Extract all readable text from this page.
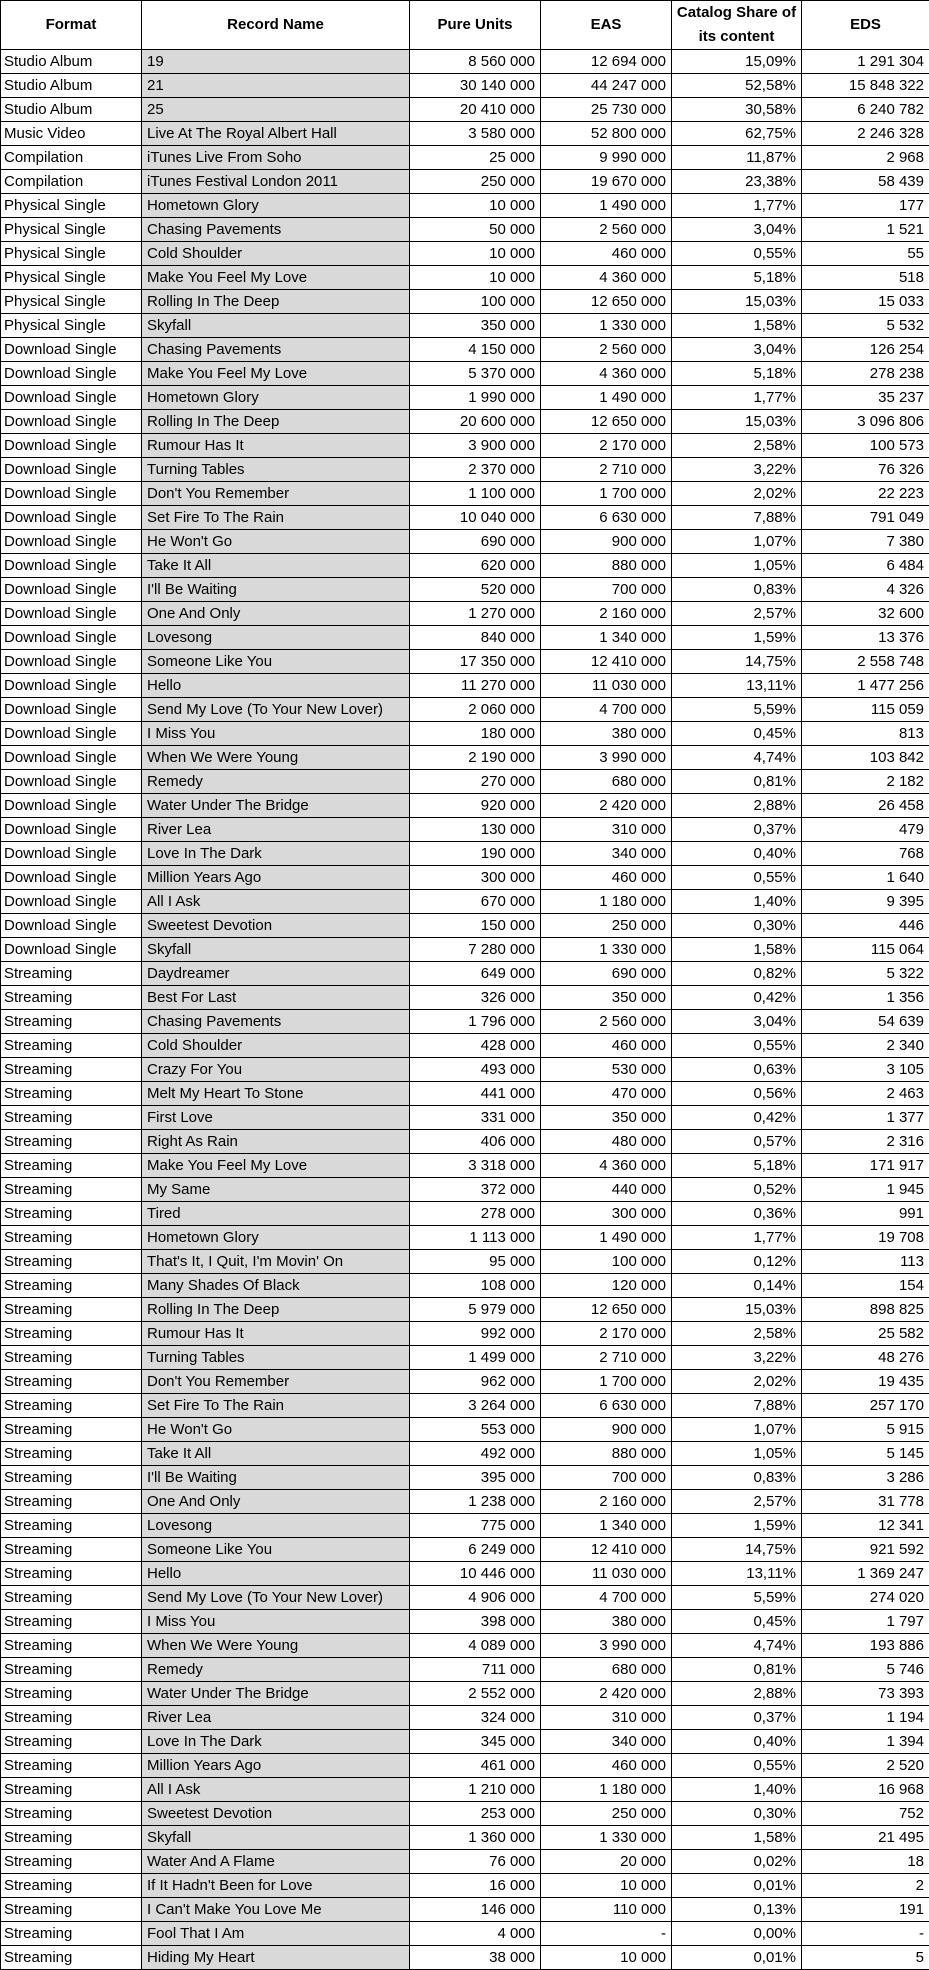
Format	Record Name	Pure Units	EAS	Catalog Share of its content	EDS
Studio Album	19	8 560 000	12 694 000	15,09%	1 291 304
Studio Album	21	30 140 000	44 247 000	52,58%	15 848 322
Studio Album	25	20 410 000	25 730 000	30,58%	6 240 782
Music Video	Live At The Royal Albert Hall	3 580 000	52 800 000	62,75%	2 246 328
Compilation	iTunes Live From Soho	25 000	9 990 000	11,87%	2 968
Compilation	iTunes Festival London 2011	250 000	19 670 000	23,38%	58 439
Physical Single	Hometown Glory	10 000	1 490 000	1,77%	177
Physical Single	Chasing Pavements	50 000	2 560 000	3,04%	1 521
Physical Single	Cold Shoulder	10 000	460 000	0,55%	55
Physical Single	Make You Feel My Love	10 000	4 360 000	5,18%	518
Physical Single	Rolling In The Deep	100 000	12 650 000	15,03%	15 033
Physical Single	Skyfall	350 000	1 330 000	1,58%	5 532
Download Single	Chasing Pavements	4 150 000	2 560 000	3,04%	126 254
Download Single	Make You Feel My Love	5 370 000	4 360 000	5,18%	278 238
Download Single	Hometown Glory	1 990 000	1 490 000	1,77%	35 237
Download Single	Rolling In The Deep	20 600 000	12 650 000	15,03%	3 096 806
Download Single	Rumour Has It	3 900 000	2 170 000	2,58%	100 573
Download Single	Turning Tables	2 370 000	2 710 000	3,22%	76 326
Download Single	Don't You Remember	1 100 000	1 700 000	2,02%	22 223
Download Single	Set Fire To The Rain	10 040 000	6 630 000	7,88%	791 049
Download Single	He Won't Go	690 000	900 000	1,07%	7 380
Download Single	Take It All	620 000	880 000	1,05%	6 484
Download Single	I'll Be Waiting	520 000	700 000	0,83%	4 326
Download Single	One And Only	1 270 000	2 160 000	2,57%	32 600
Download Single	Lovesong	840 000	1 340 000	1,59%	13 376
Download Single	Someone Like You	17 350 000	12 410 000	14,75%	2 558 748
Download Single	Hello	11 270 000	11 030 000	13,11%	1 477 256
Download Single	Send My Love (To Your New Lover)	2 060 000	4 700 000	5,59%	115 059
Download Single	I Miss You	180 000	380 000	0,45%	813
Download Single	When We Were Young	2 190 000	3 990 000	4,74%	103 842
Download Single	Remedy	270 000	680 000	0,81%	2 182
Download Single	Water Under The Bridge	920 000	2 420 000	2,88%	26 458
Download Single	River Lea	130 000	310 000	0,37%	479
Download Single	Love In The Dark	190 000	340 000	0,40%	768
Download Single	Million Years Ago	300 000	460 000	0,55%	1 640
Download Single	All I Ask	670 000	1 180 000	1,40%	9 395
Download Single	Sweetest Devotion	150 000	250 000	0,30%	446
Download Single	Skyfall	7 280 000	1 330 000	1,58%	115 064
Streaming	Daydreamer	649 000	690 000	0,82%	5 322
Streaming	Best For Last	326 000	350 000	0,42%	1 356
Streaming	Chasing Pavements	1 796 000	2 560 000	3,04%	54 639
Streaming	Cold Shoulder	428 000	460 000	0,55%	2 340
Streaming	Crazy For You	493 000	530 000	0,63%	3 105
Streaming	Melt My Heart To Stone	441 000	470 000	0,56%	2 463
Streaming	First Love	331 000	350 000	0,42%	1 377
Streaming	Right As Rain	406 000	480 000	0,57%	2 316
Streaming	Make You Feel My Love	3 318 000	4 360 000	5,18%	171 917
Streaming	My Same	372 000	440 000	0,52%	1 945
Streaming	Tired	278 000	300 000	0,36%	991
Streaming	Hometown Glory	1 113 000	1 490 000	1,77%	19 708
Streaming	That's It, I Quit, I'm Movin' On	95 000	100 000	0,12%	113
Streaming	Many Shades Of Black	108 000	120 000	0,14%	154
Streaming	Rolling In The Deep	5 979 000	12 650 000	15,03%	898 825
Streaming	Rumour Has It	992 000	2 170 000	2,58%	25 582
Streaming	Turning Tables	1 499 000	2 710 000	3,22%	48 276
Streaming	Don't You Remember	962 000	1 700 000	2,02%	19 435
Streaming	Set Fire To The Rain	3 264 000	6 630 000	7,88%	257 170
Streaming	He Won't Go	553 000	900 000	1,07%	5 915
Streaming	Take It All	492 000	880 000	1,05%	5 145
Streaming	I'll Be Waiting	395 000	700 000	0,83%	3 286
Streaming	One And Only	1 238 000	2 160 000	2,57%	31 778
Streaming	Lovesong	775 000	1 340 000	1,59%	12 341
Streaming	Someone Like You	6 249 000	12 410 000	14,75%	921 592
Streaming	Hello	10 446 000	11 030 000	13,11%	1 369 247
Streaming	Send My Love (To Your New Lover)	4 906 000	4 700 000	5,59%	274 020
Streaming	I Miss You	398 000	380 000	0,45%	1 797
Streaming	When We Were Young	4 089 000	3 990 000	4,74%	193 886
Streaming	Remedy	711 000	680 000	0,81%	5 746
Streaming	Water Under The Bridge	2 552 000	2 420 000	2,88%	73 393
Streaming	River Lea	324 000	310 000	0,37%	1 194
Streaming	Love In The Dark	345 000	340 000	0,40%	1 394
Streaming	Million Years Ago	461 000	460 000	0,55%	2 520
Streaming	All I Ask	1 210 000	1 180 000	1,40%	16 968
Streaming	Sweetest Devotion	253 000	250 000	0,30%	752
Streaming	Skyfall	1 360 000	1 330 000	1,58%	21 495
Streaming	Water And A Flame	76 000	20 000	0,02%	18
Streaming	If It Hadn't Been for Love	16 000	10 000	0,01%	2
Streaming	I Can't Make You Love Me	146 000	110 000	0,13%	191
Streaming	Fool That I Am	4 000	-	0,00%	-
Streaming	Hiding My Heart	38 000	10 000	0,01%	5
